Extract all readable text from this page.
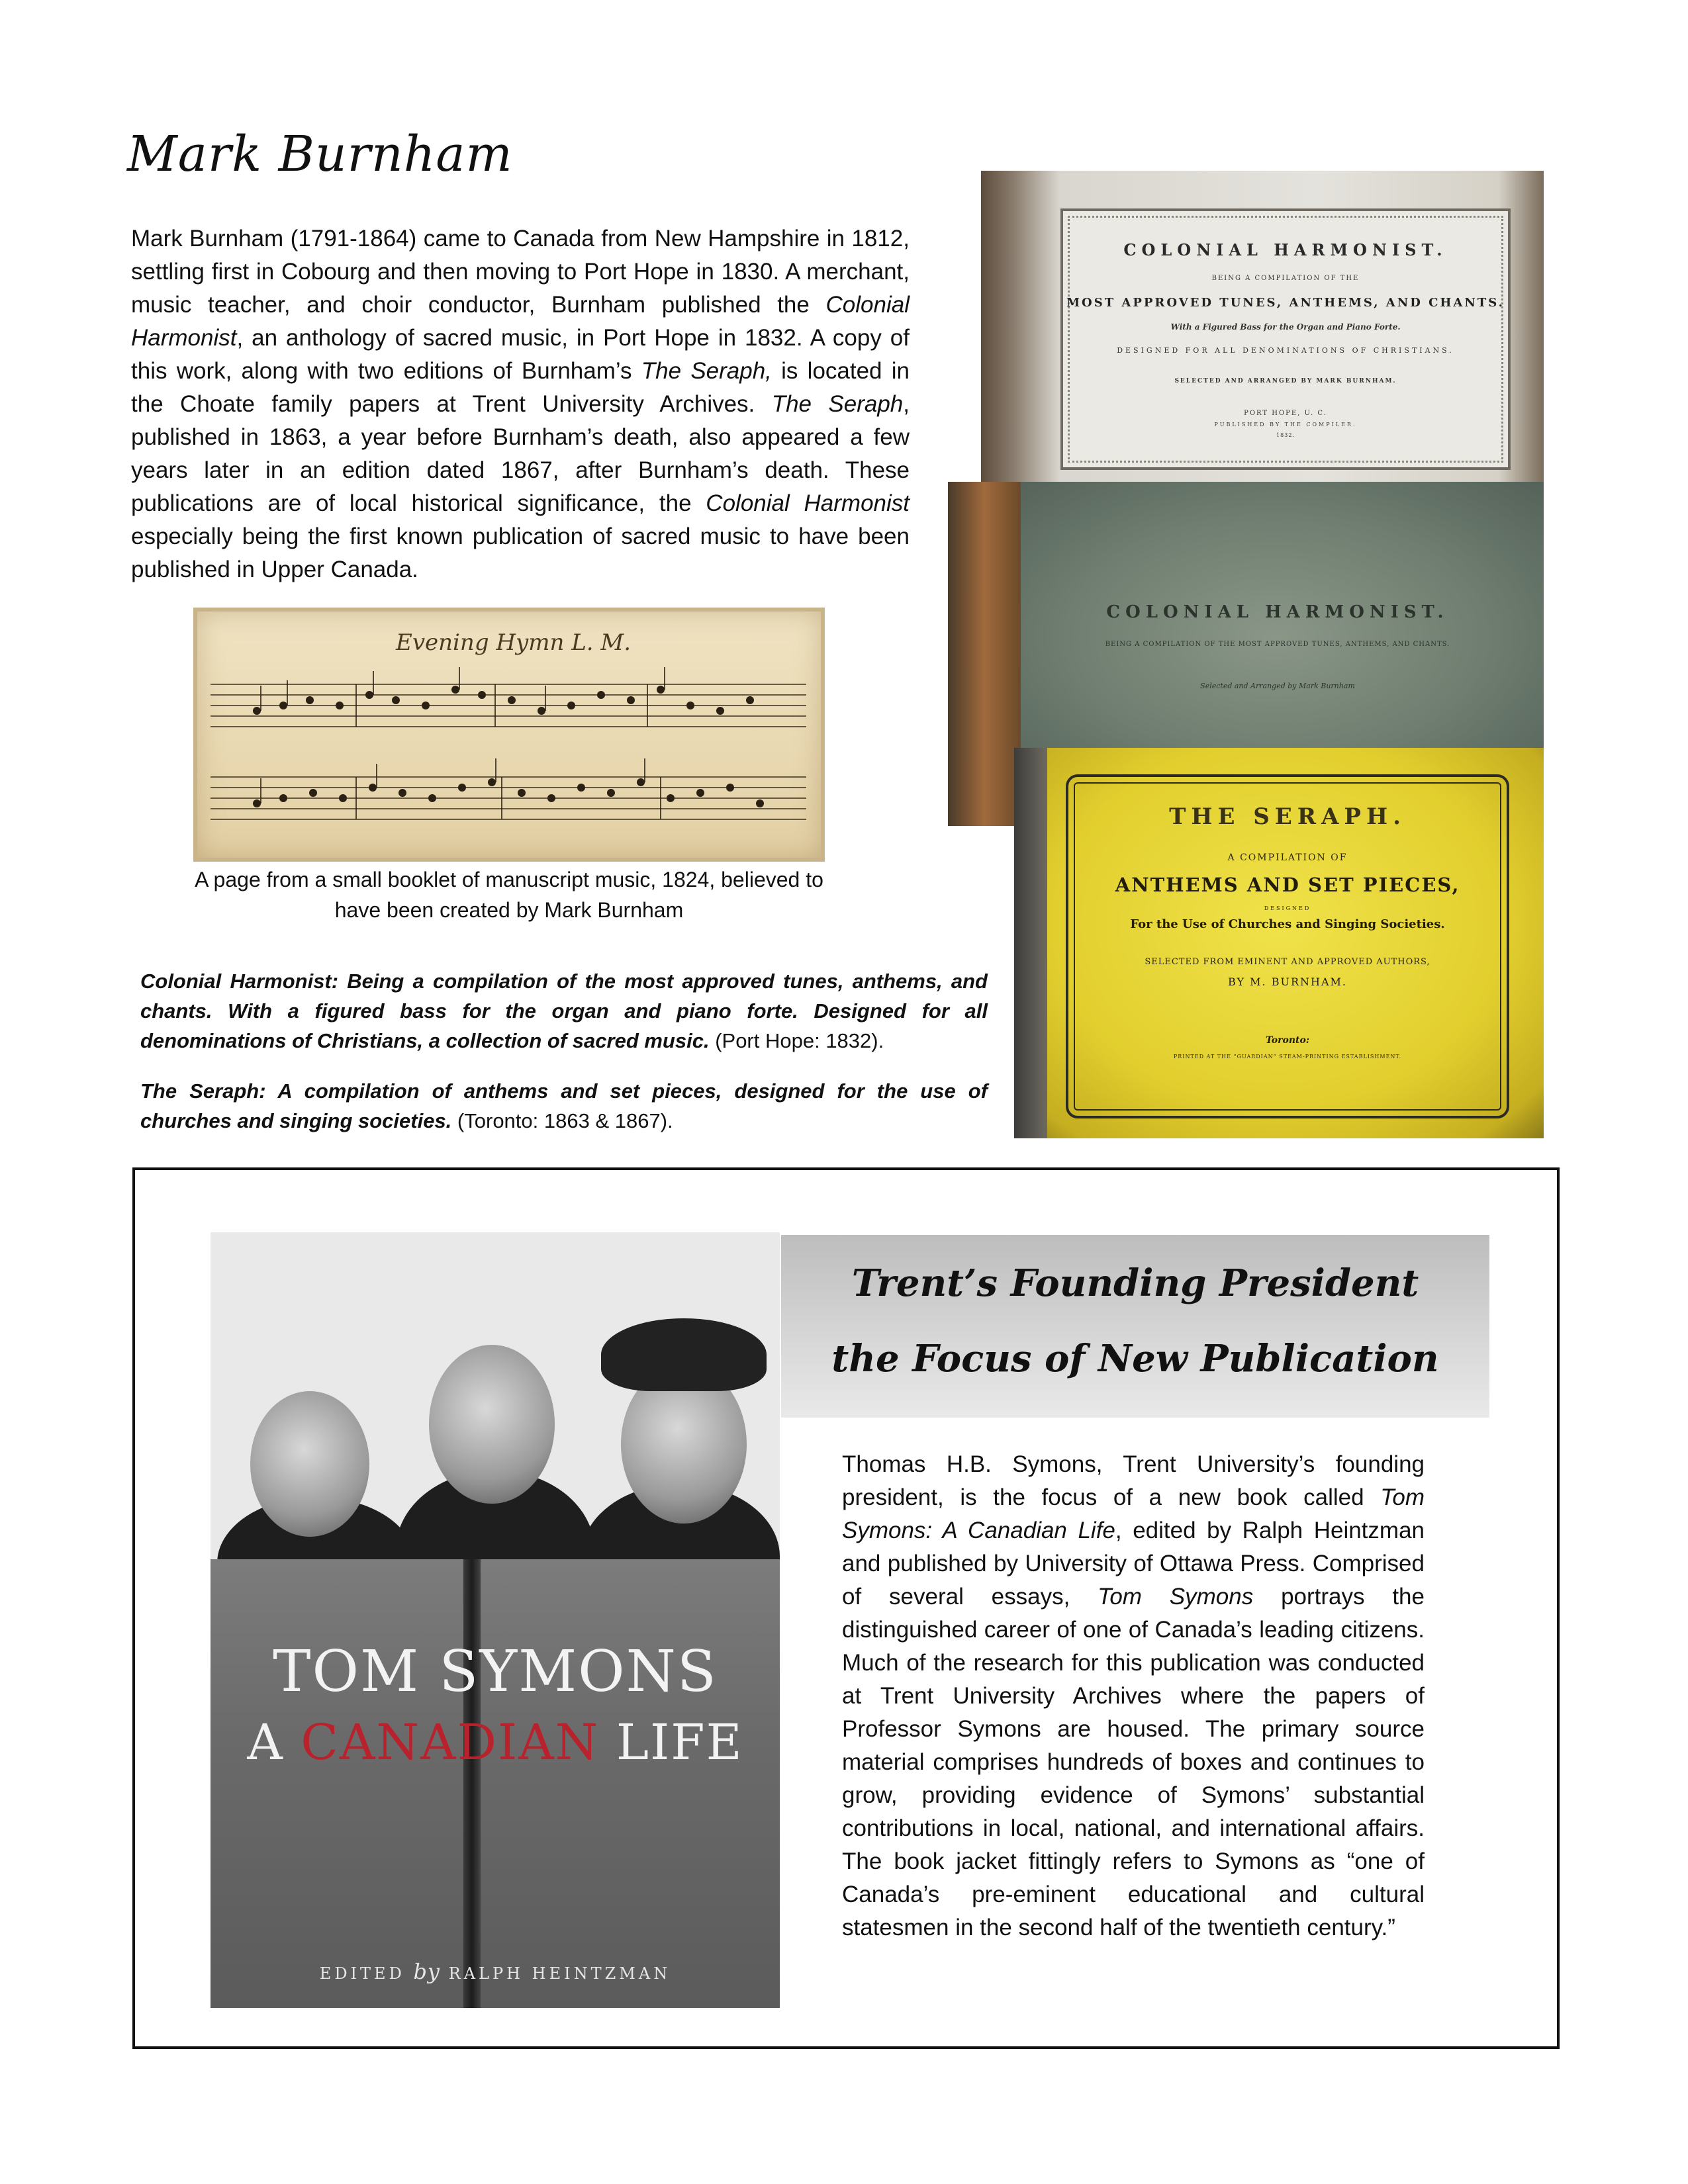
Mark Burnham

Mark Burnham (1791-1864) came to Canada from New Hampshire in 1812, settling first in Cobourg and then moving to Port Hope in 1830. A merchant, music teacher, and choir conductor, Burnham published the Colonial Harmonist, an anthology of sacred music, in Port Hope in 1832. A copy of this work, along with two editions of Burnham’s The Seraph, is located in the Choate family papers at Trent University Archives. The Seraph, published in 1863, a year before Burnham’s death, also appeared a few years later in an edition dated 1867, after Burnham’s death. These publications are of local historical significance, the Colonial Harmonist especially being the first known publication of sacred music to have been published in Upper Canada.

Evening Hymn L. M.

A page from a small booklet of manuscript music, 1824, believed to have been created by Mark Burnham

Colonial Harmonist: Being a compilation of the most approved tunes, anthems, and chants. With a figured bass for the organ and piano forte. Designed for all denominations of Christians, a collection of sacred music. (Port Hope: 1832).

The Seraph: A compilation of anthems and set pieces, designed for the use of churches and singing societies. (Toronto: 1863 & 1867).

COLONIAL HARMONIST.

BEING A COMPILATION OF THE

MOST APPROVED TUNES, ANTHEMS, AND CHANTS.

With a Figured Bass for the Organ and Piano Forte.

DESIGNED FOR ALL DENOMINATIONS OF CHRISTIANS.

SELECTED AND ARRANGED BY MARK BURNHAM.

PORT HOPE, U. C.

PUBLISHED BY THE COMPILER.

1832.

COLONIAL HARMONIST.

BEING A COMPILATION OF THE MOST APPROVED TUNES, ANTHEMS, AND CHANTS.

Selected and Arranged by Mark Burnham

THE SERAPH.

A COMPILATION OF

ANTHEMS AND SET PIECES,

DESIGNED

For the Use of Churches and Singing Societies.

SELECTED FROM EMINENT AND APPROVED AUTHORS,

BY M. BURNHAM.

Toronto:

PRINTED AT THE “GUARDIAN” STEAM-PRINTING ESTABLISHMENT.

TOM SYMONS

A CANADIAN LIFE

EDITED by RALPH HEINTZMAN

Trent’s Founding President

the Focus of New Publication

Thomas H.B. Symons, Trent University’s founding president, is the focus of a new book called Tom Symons: A Canadian Life, edited by Ralph Heintzman and published by University of Ottawa Press. Comprised of several essays, Tom Symons portrays the distinguished career of one of Canada’s leading citizens. Much of the research for this publication was conducted at Trent University Archives where the papers of Professor Symons are housed. The primary source material comprises hundreds of boxes and continues to grow, providing evidence of Symons’ substantial contributions in local, national, and international affairs. The book jacket fittingly refers to Symons as “one of Canada’s pre-eminent educational and cultural statesmen in the second half of the twentieth century.”
